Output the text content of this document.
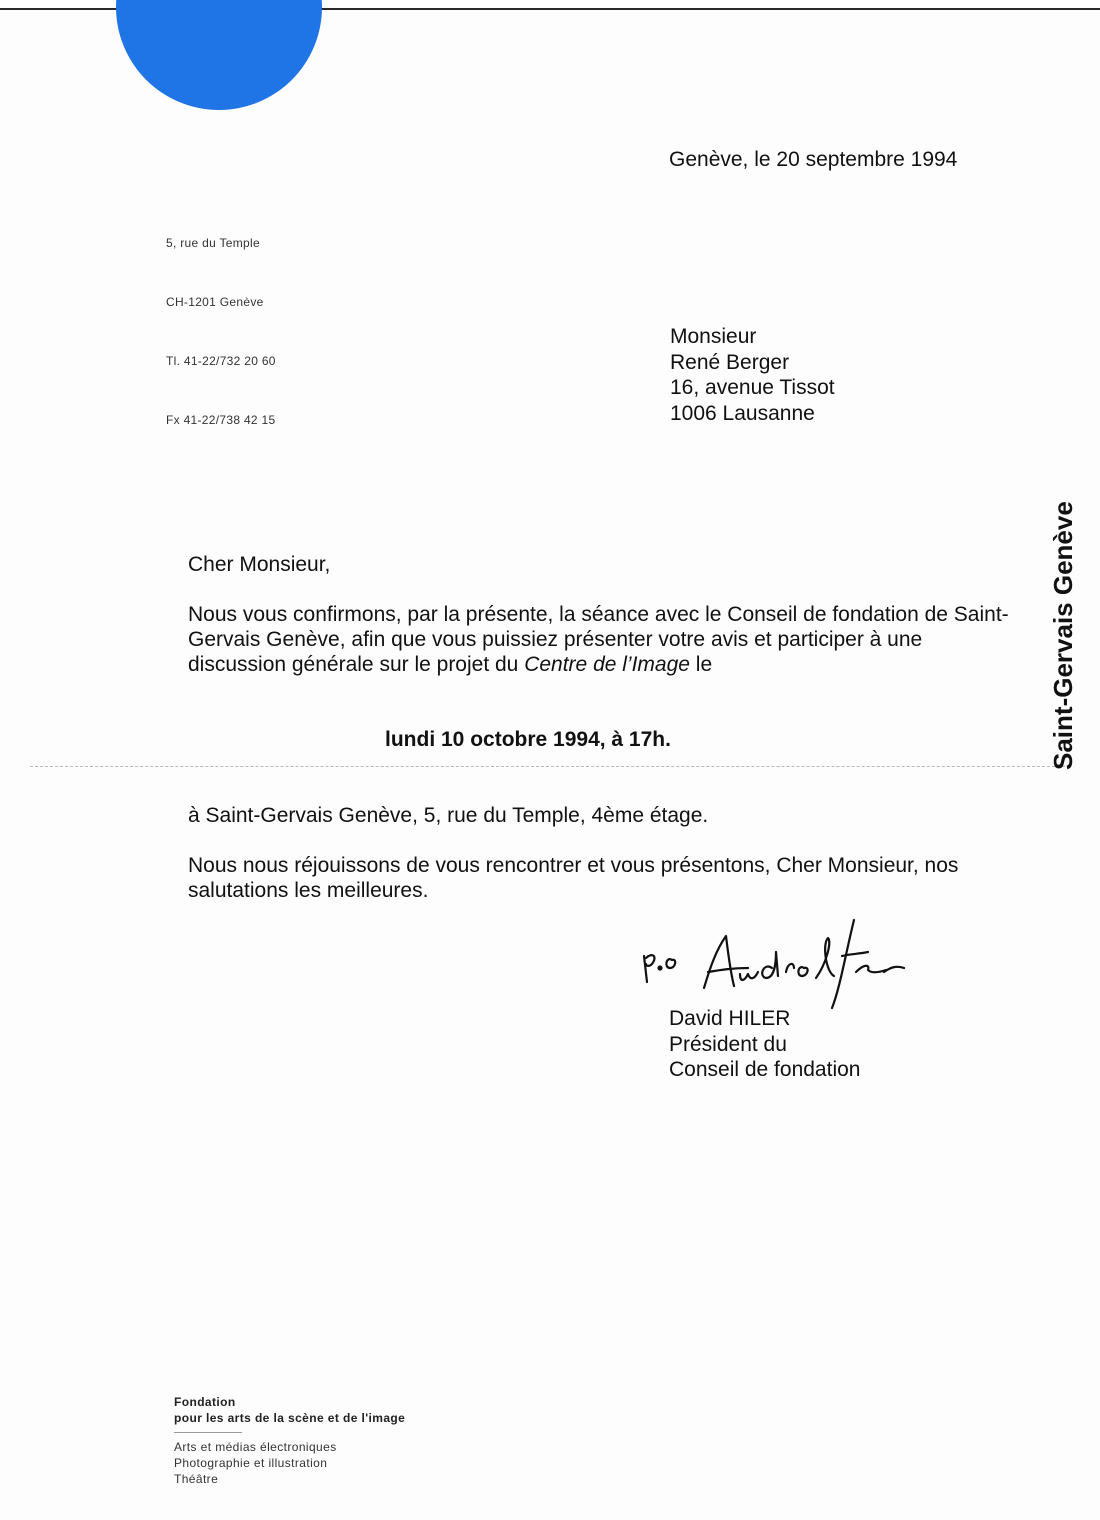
Genève, le 20 septembre 1994
5, rue du Temple
CH-1201 Genève
Tl. 41-22/732 20 60
Fx 41-22/738 42 15
Monsieur
René Berger
16, avenue Tissot
1006 Lausanne
Saint-Gervais Genève
Cher Monsieur,
Nous vous confirmons, par la présente, la séance avec le Conseil de fondation de Saint-Gervais Genève, afin que vous puissiez présenter votre avis et participer à une discussion générale sur le projet du Centre de l’Image le
lundi 10 octobre 1994, à 17h.
à Saint-Gervais Genève, 5, rue du Temple, 4ème étage.
Nous nous réjouissons de vous rencontrer et vous présentons, Cher Monsieur, nos salutations les meilleures.
David HILER
Président du
Conseil de fondation
Fondation
pour les arts de la scène et de l'image
Arts et médias électroniques
Photographie et illustration
Théâtre
